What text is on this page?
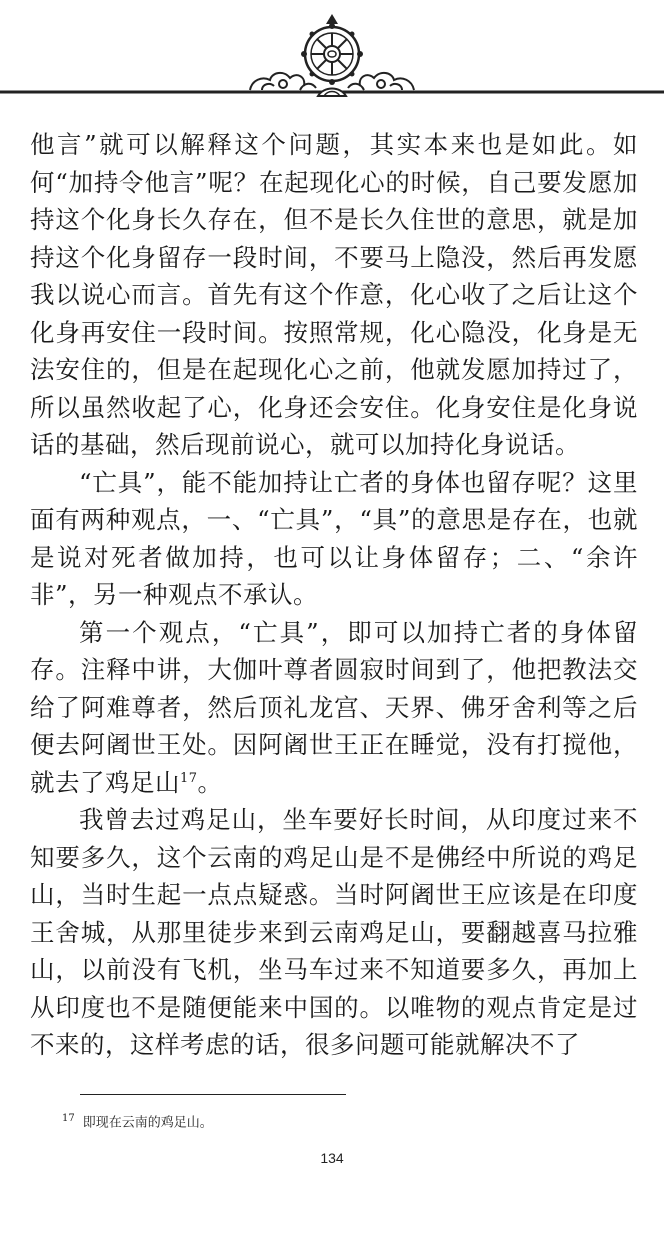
他言”就可以解释这个问题，其实本来也是如此。如何“加持令他言”呢？在起现化心的时候，自己要发愿加持这个化身长久存在，但不是长久住世的意思，就是加持这个化身留存一段时间，不要马上隐没，然后再发愿我以说心而言。首先有这个作意，化心收了之后让这个化身再安住一段时间。按照常规，化心隐没，化身是无法安住的，但是在起现化心之前，他就发愿加持过了，所以虽然收起了心，化身还会安住。化身安住是化身说话的基础，然后现前说心，就可以加持化身说话。

“亡具”，能不能加持让亡者的身体也留存呢？这里面有两种观点，一、“亡具”，“具”的意思是存在，也就是说对死者做加持，也可以让身体留存；二、“余许非”，另一种观点不承认。

第一个观点，“亡具”，即可以加持亡者的身体留存。注释中讲，大伽叶尊者圆寂时间到了，他把教法交给了阿难尊者，然后顶礼龙宫、天界、佛牙舍利等之后便去阿阇世王处。因阿阇世王正在睡觉，没有打搅他，就去了鸡足山$^{17}$。

我曾去过鸡足山，坐车要好长时间，从印度过来不知要多久，这个云南的鸡足山是不是佛经中所说的鸡足山，当时生起一点点疑惑。当时阿阇世王应该是在印度王舍城，从那里徒步来到云南鸡足山，要翻越喜马拉雅山，以前没有飞机，坐马车过来不知道要多久，再加上从印度也不是随便能来中国的。以唯物的观点肯定是过不来的，这样考虑的话，很多问题可能就解决不了

$^{17}$ 即现在云南的鸡足山。
134
